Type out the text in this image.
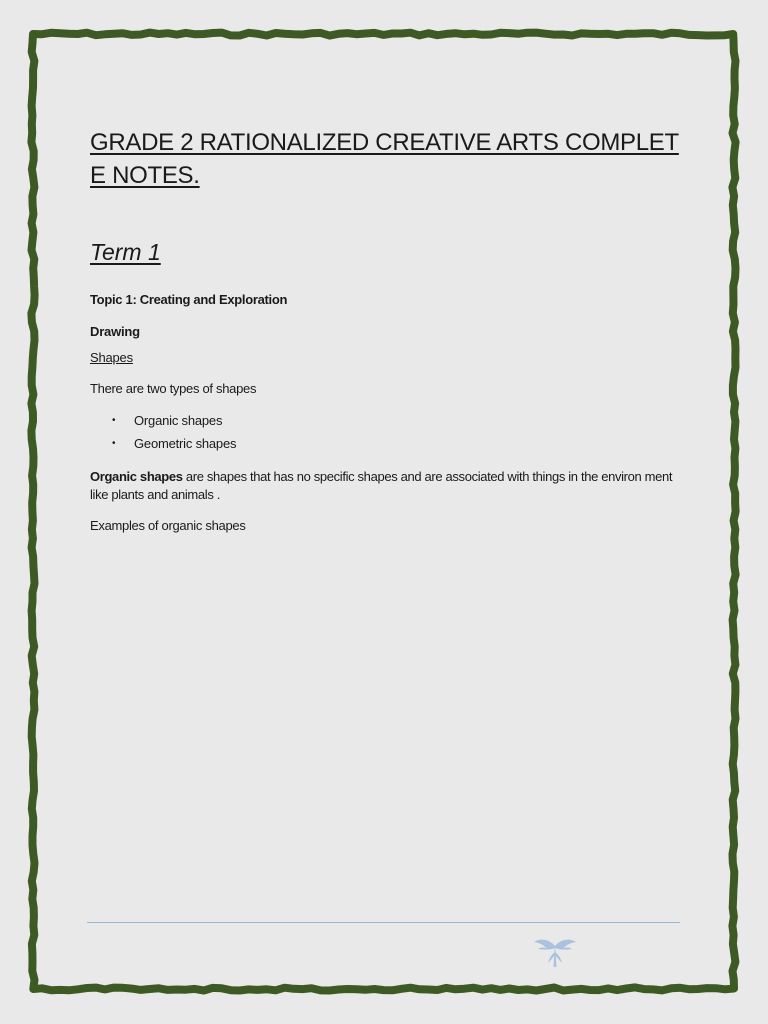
GRADE 2 RATIONALIZED CREATIVE ARTS COMPLET E NOTES.
Term 1
Topic 1: Creating and Exploration
Drawing
Shapes
There are two types of shapes
• Organic shapes
• Geometric shapes

Organic shapes are shapes that has no specific shapes and are associated with things in the environ ment like plants and animals .

Examples of organic shapes
